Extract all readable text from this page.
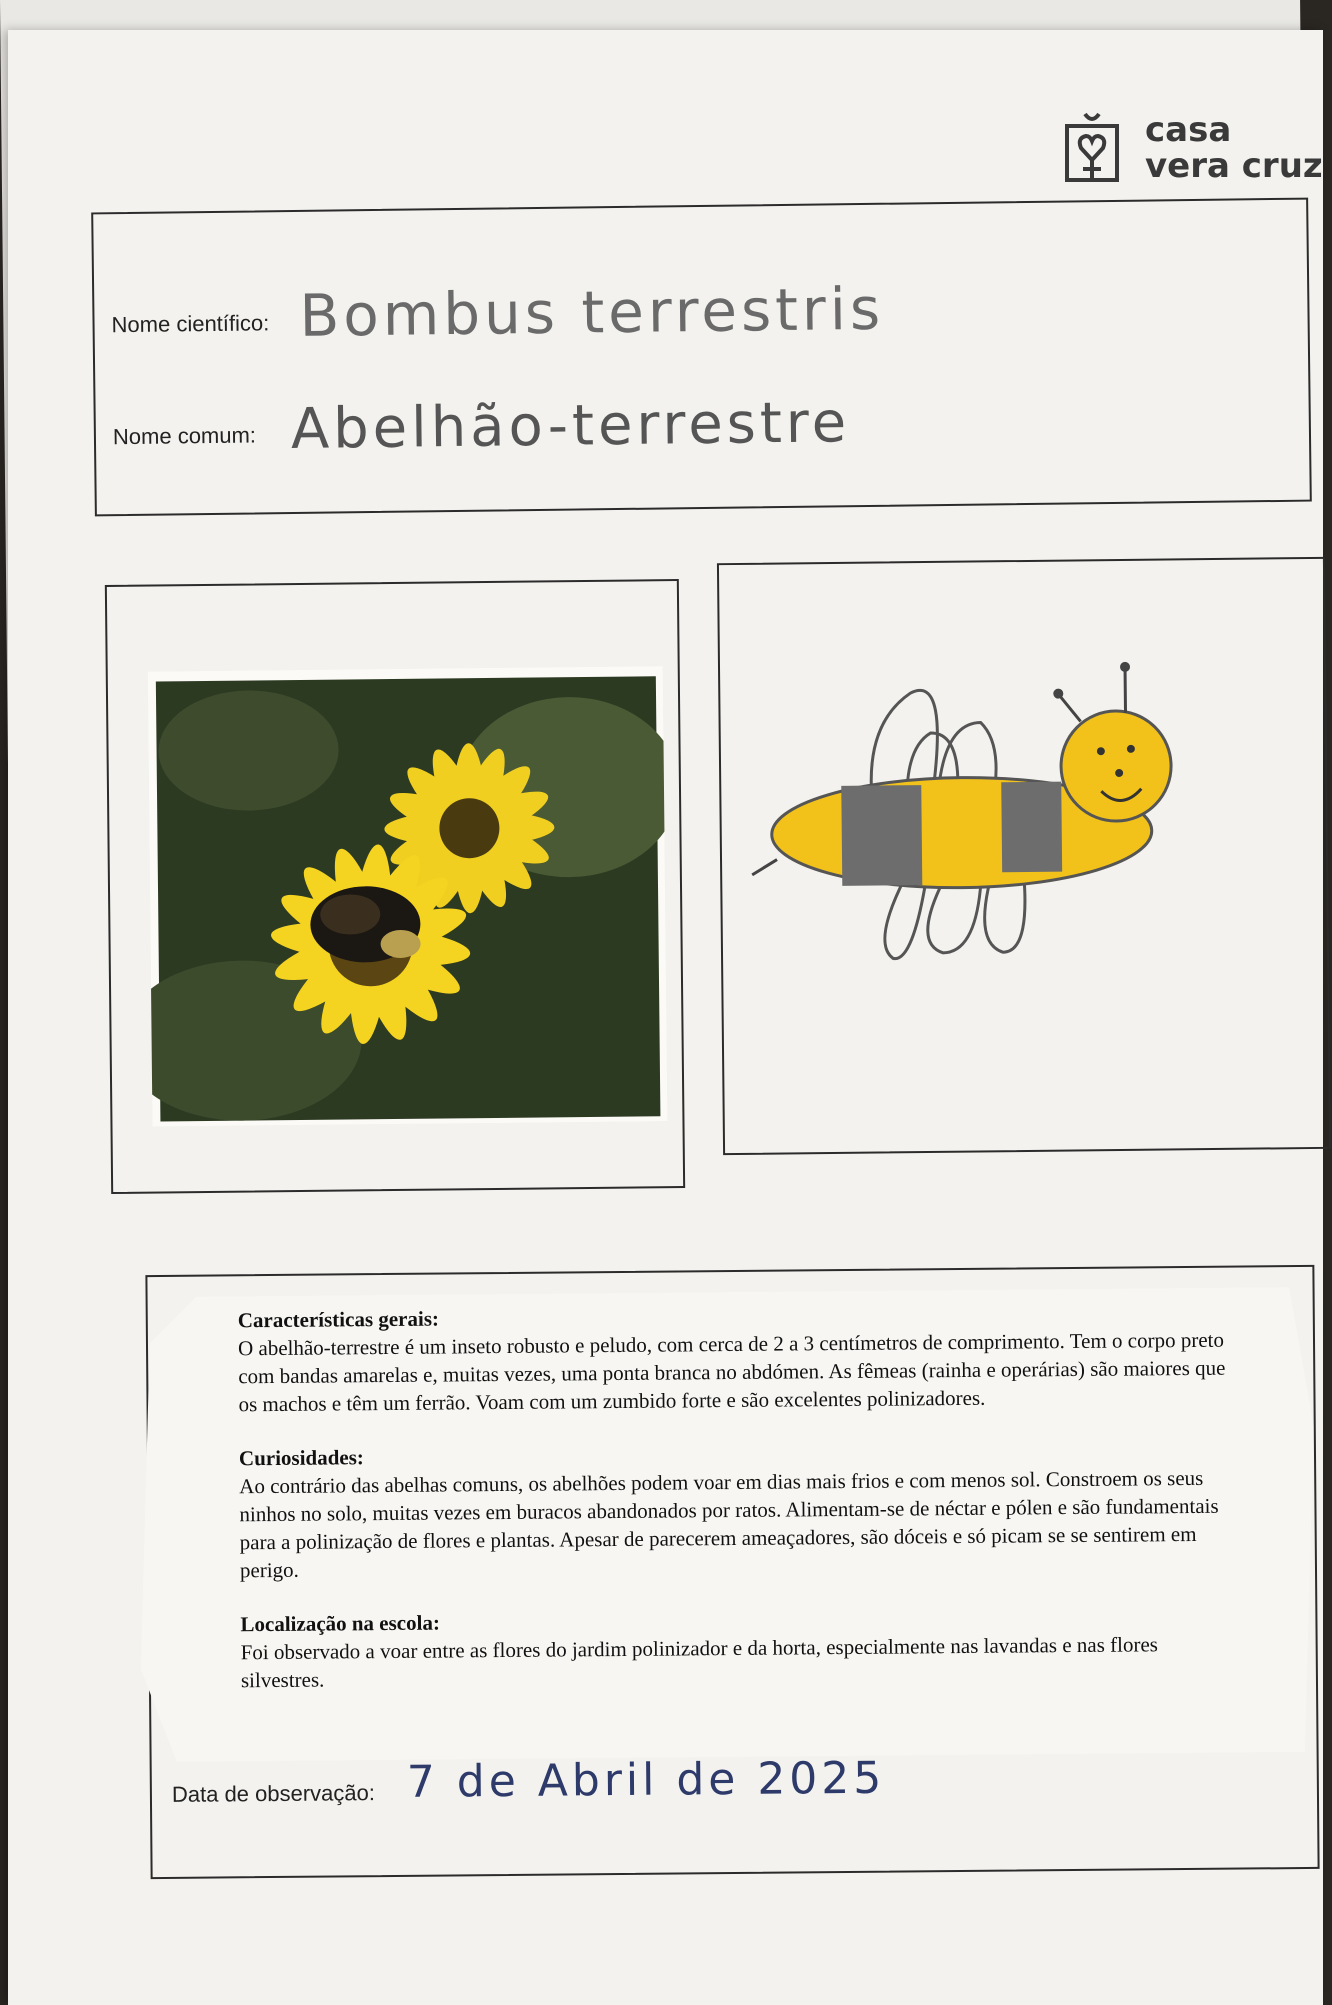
casa
vera cruz
Nome científico: Bombus terrestris
Nome comum: Abelhão-terrestre
Características gerais:

O abelhão-terrestre é um inseto robusto e peludo, com cerca de 2 a 3 centímetros de comprimento. Tem o corpo preto com bandas amarelas e, muitas vezes, uma ponta branca no abdómen. As fêmeas (rainha e operárias) são maiores que os machos e têm um ferrão. Voam com um zumbido forte e são excelentes polinizadores.

Curiosidades:

Ao contrário das abelhas comuns, os abelhões podem voar em dias mais frios e com menos sol. Constroem os seus ninhos no solo, muitas vezes em buracos abandonados por ratos. Alimentam-se de néctar e pólen e são fundamentais para a polinização de flores e plantas. Apesar de parecerem ameaçadores, são dóceis e só picam se se sentirem em perigo.

Localização na escola:

Foi observado a voar entre as flores do jardim polinizador e da horta, especialmente nas lavandas e nas flores silvestres.

Data de observação: 7 de Abril de 2025
